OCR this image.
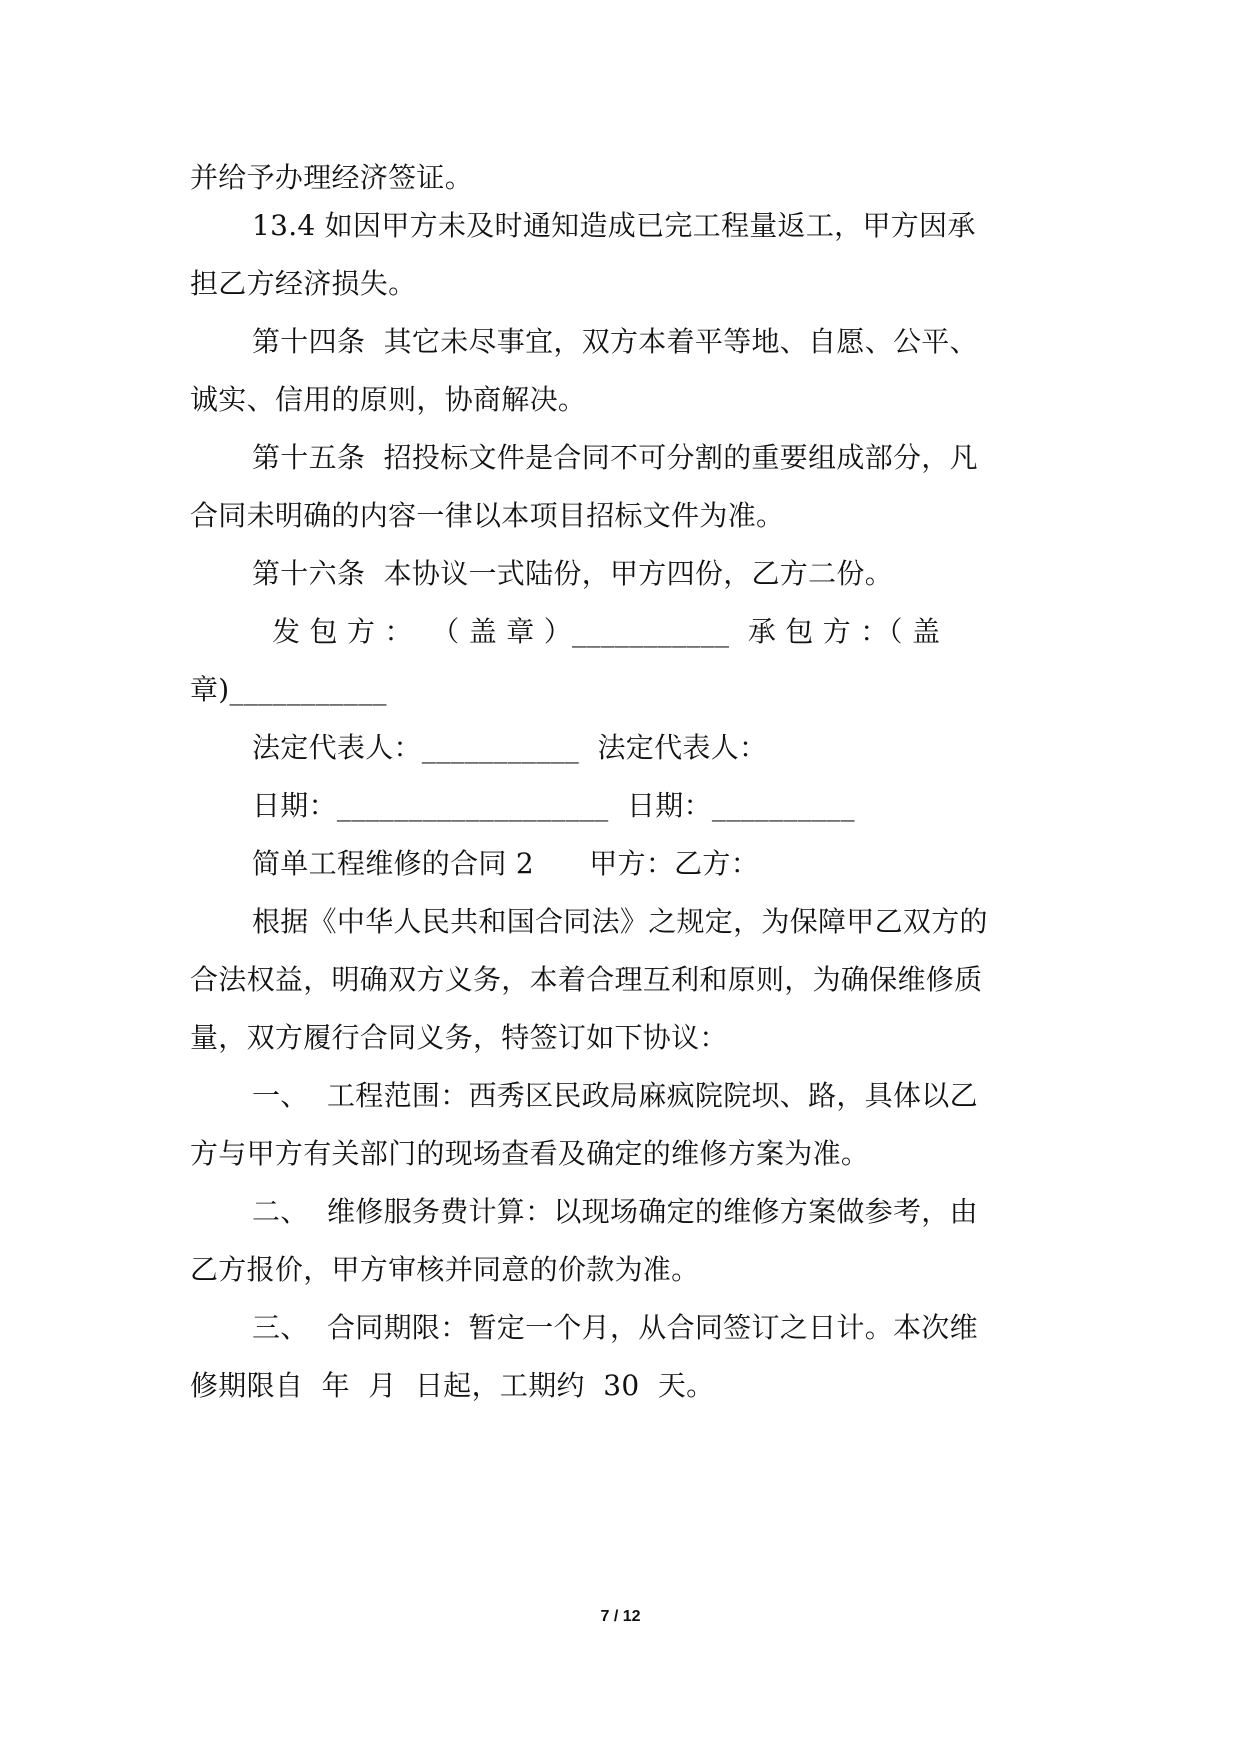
并给予办理经济签证。
13.4 如因甲方未及时通知造成已完工程量返工，甲方因承
担乙方经济损失。
第十四条  其它未尽事宜，双方本着平等地、自愿、公平、
诚实、信用的原则，协商解决。
第十五条  招投标文件是合同不可分割的重要组成部分，凡
合同未明确的内容一律以本项目招标文件为准。
第十六条  本协议一式陆份，甲方四份，乙方二份。
发 包 方 ：  （ 盖 章 ）___________  承 包 方 ：（ 盖
章)___________
法定代表人：___________  法定代表人：
日期：___________________  日期：__________
简单工程维修的合同 2      甲方：乙方：
根据《中华人民共和国合同法》之规定，为保障甲乙双方的
合法权益，明确双方义务，本着合理互利和原则，为确保维修质
量，双方履行合同义务，特签订如下协议：
一、  工程范围：西秀区民政局麻疯院院坝、路，具体以乙
方与甲方有关部门的现场查看及确定的维修方案为准。
二、  维修服务费计算：以现场确定的维修方案做参考，由
乙方报价，甲方审核并同意的价款为准。
三、  合同期限：暂定一个月，从合同签订之日计。本次维
修期限自  年  月  日起，工期约  30  天。
7 / 12
